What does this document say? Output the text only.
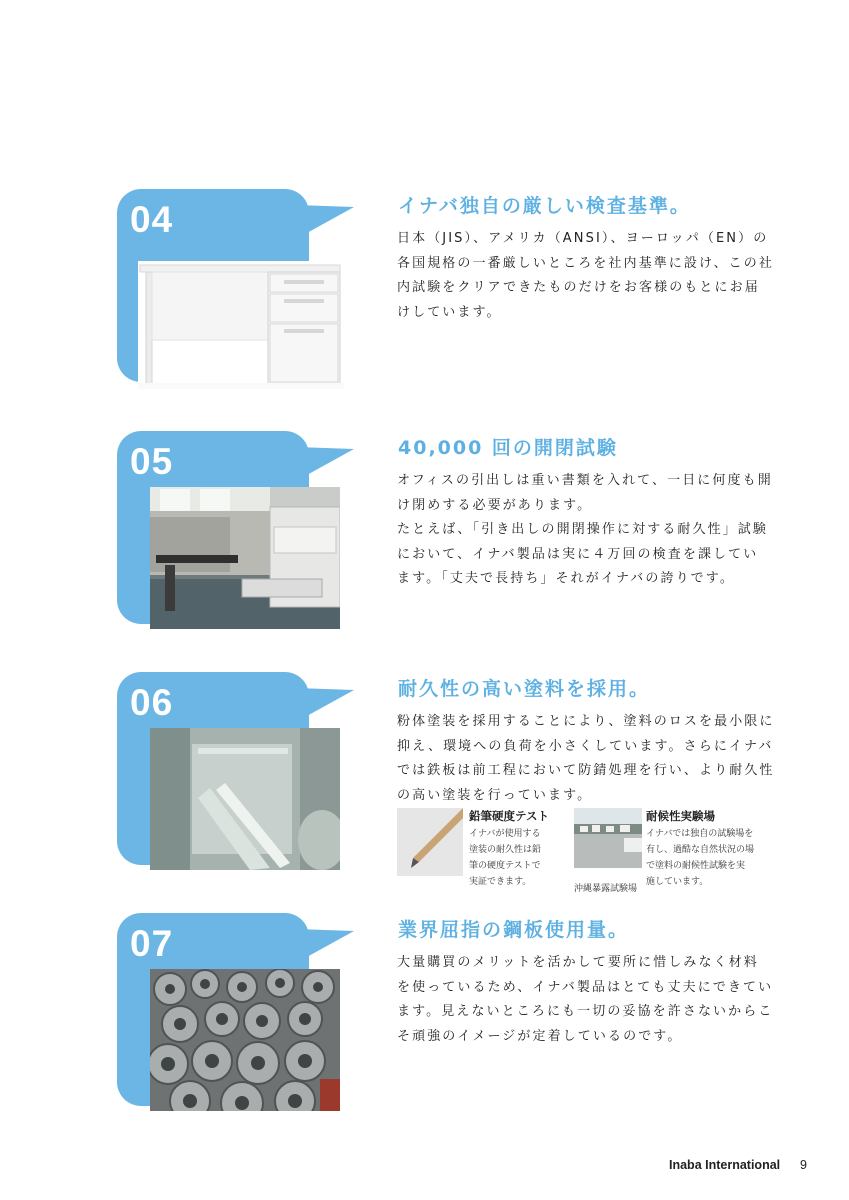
04	イナバ独自の厳しい検査基準。

日本（JIS）、アメリカ（ANSI）、ヨーロッパ（EN）の

各国規格の一番厳しいところを社内基準に設け、この社

内試験をクリアできたものだけをお客様のもとにお届

けしています。

05	40,000 回の開閉試験

オフィスの引出しは重い書類を入れて、一日に何度も開

け閉めする必要があります。

たとえば、「引き出しの開閉操作に対する耐久性」試験

において、イナバ製品は実に４万回の検査を課してい

ます。「丈夫で長持ち」それがイナバの誇りです。

06	耐久性の高い塗料を採用。

粉体塗装を採用することにより、塗料のロスを最小限に

抑え、環境への負荷を小さくしています。さらにイナバ

では鉄板は前工程において防錆処理を行い、より耐久性

の高い塗装を行っています。

鉛筆硬度テスト
イナバが使用する
塗装の耐久性は鉛
筆の硬度テストで
実証できます。
沖縄暴露試験場
耐候性実験場
イナバでは独自の試験場を
有し、過酷な自然状況の場
で塗料の耐候性試験を実
施しています。
07	業界屈指の鋼板使用量。

大量購買のメリットを活かして要所に惜しみなく材料

を使っているため、イナバ製品はとても丈夫にできてい

ます。見えないところにも一切の妥協を許さないからこ

そ頑強のイメージが定着しているのです。

Inaba International 9
